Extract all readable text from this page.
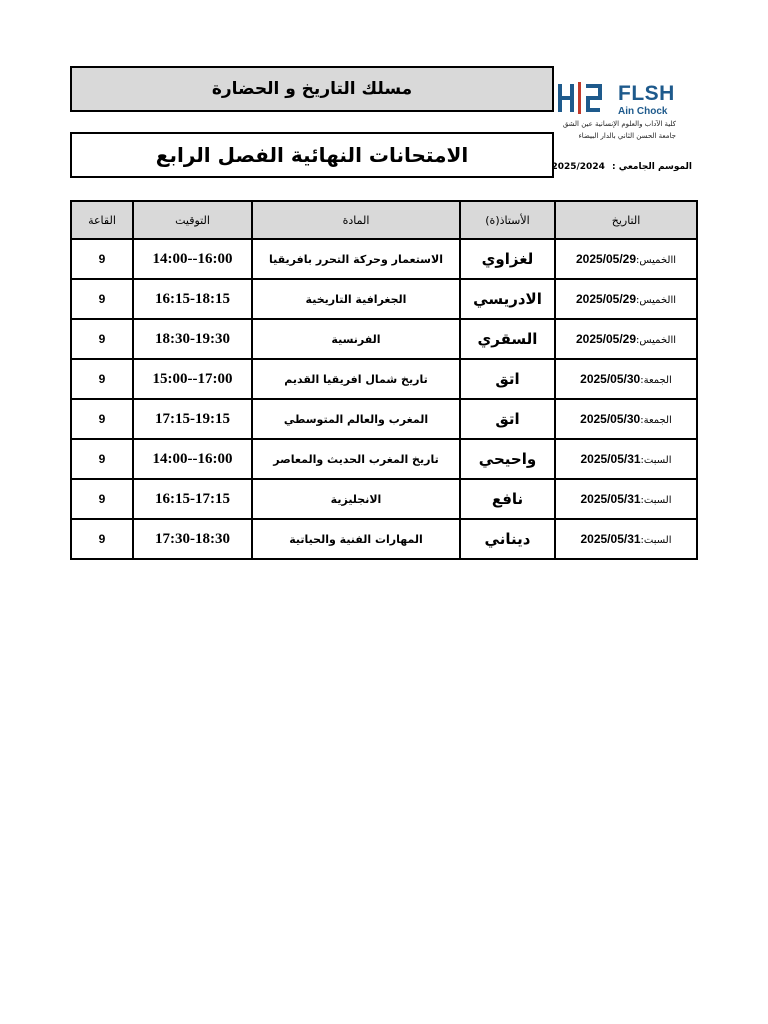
مسلك التاريخ و الحضارة
الامتحانات النهائية الفصل الرابع
FLSH
Ain Chock
كلية الآداب والعلوم الإنسانية عين الشق
جامعة الحسن الثاني بالدار البيضاء
الموسم الجامعي : 2025/2024
التاريخ	الأستاذ(ة)	المادة	التوقيت	القاعة
االخميس:2025/05/29	لغزاوي	الاستعمار وحركة التحرر بافريقيا	14:00--16:00	9
االخميس:2025/05/29	الادريسي	الجغرافية التاريخية	16:15-18:15	9
االخميس:2025/05/29	السقري	الفرنسية	18:30-19:30	9
الجمعة:2025/05/30	اتق	تاريخ شمال افريقيا القديم	15:00--17:00	9
الجمعة:2025/05/30	اتق	المغرب والعالم المتوسطي	17:15-19:15	9
السبت:2025/05/31	واحيحي	تاريخ المغرب الحديث والمعاصر	14:00--16:00	9
السبت:2025/05/31	نافع	الانجليزية	16:15-17:15	9
السبت:2025/05/31	ديناني	المهارات الفنية والحياتية	17:30-18:30	9
